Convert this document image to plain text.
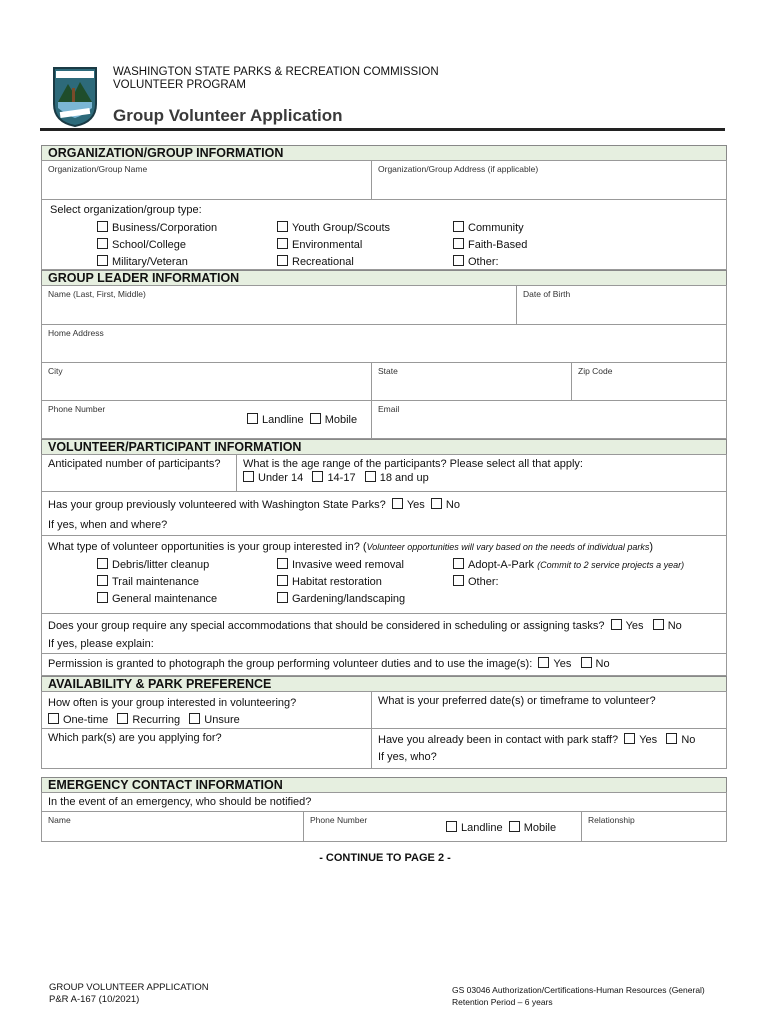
WASHINGTON STATE PARKS & RECREATION COMMISSION
VOLUNTEER PROGRAM
Group Volunteer Application
ORGANIZATION/GROUP INFORMATION
Organization/Group Name	Organization/Group Address (if applicable)
Select organization/group type:
Business/Corporation
School/College
Military/Veteran
Youth Group/Scouts
Environmental
Recreational
Community
Faith-Based
Other:
GROUP LEADER INFORMATION
Name (Last, First, Middle)	Date of Birth
Home Address
City	State	Zip Code
Phone Number
Landline Mobile
Email
VOLUNTEER/PARTICIPANT INFORMATION
Anticipated number of participants?	What is the age range of the participants? Please select all that apply:
Under 14 14-17 18 and up
Has your group previously volunteered with Washington State Parks? Yes No
If yes, when and where?
What type of volunteer opportunities is your group interested in? (Volunteer opportunities will vary based on the needs of individual parks)
Debris/litter cleanup
Trail maintenance
General maintenance
Invasive weed removal
Habitat restoration
Gardening/landscaping
Adopt-A-Park (Commit to 2 service projects a year)
Other:
Does your group require any special accommodations that should be considered in scheduling or assigning tasks? Yes No
If yes, please explain:
Permission is granted to photograph the group performing volunteer duties and to use the image(s): Yes No
AVAILABILITY & PARK PREFERENCE
How often is your group interested in volunteering?
One-time Recurring Unsure
What is your preferred date(s) or timeframe to volunteer?
Which park(s) are you applying for?	Have you already been in contact with park staff? Yes No
If yes, who?
EMERGENCY CONTACT INFORMATION
In the event of an emergency, who should be notified?
Name	Phone Number
Landline Mobile
Relationship
- CONTINUE TO PAGE 2 -
GROUP VOLUNTEER APPLICATION
P&R A-167 (10/2021)
GS 03046 Authorization/Certifications-Human Resources (General)
Retention Period – 6 years
